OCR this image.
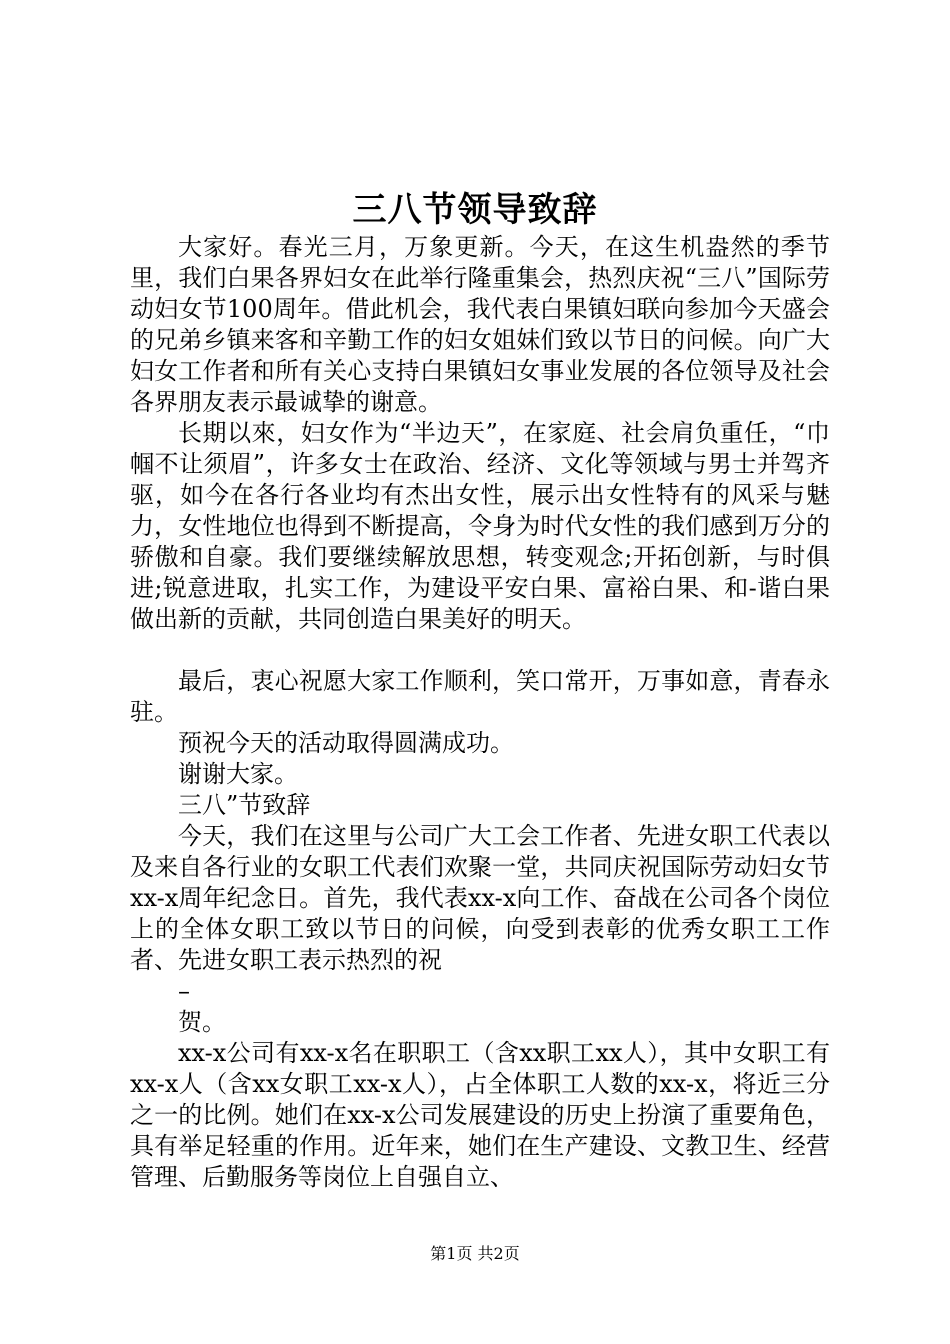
三八节领导致辞

大家好。春光三月，万象更新。今天，在这生机盎然的季节里，我们白果各界妇女在此举行隆重集会，热烈庆祝“三八”国际劳动妇女节100周年。借此机会，我代表白果镇妇联向参加今天盛会的兄弟乡镇来客和辛勤工作的妇女姐妹们致以节日的问候。向广大妇女工作者和所有关心支持白果镇妇女事业发展的各位领导及社会各界朋友表示最诚挚的谢意。

长期以來，妇女作为“半边天”，在家庭、社会肩负重任，“巾帼不让须眉”，许多女士在政治、经济、文化等领域与男士并驾齐驱，如今在各行各业均有杰出女性，展示出女性特有的风采与魅力，女性地位也得到不断提高，令身为时代女性的我们感到万分的骄傲和自豪。我们要继续解放思想，转变观念;开拓创新，与时俱进;锐意进取，扎实工作，为建设平安白果、富裕白果、和-谐白果做出新的贡献，共同创造白果美好的明天。

最后，衷心祝愿大家工作顺利，笑口常开，万事如意，青春永驻。

预祝今天的活动取得圆满成功。

谢谢大家。

三八”节致辞

今天，我们在这里与公司广大工会工作者、先进女职工代表以及来自各行业的女职工代表们欢聚一堂，共同庆祝国际劳动妇女节xx-x周年纪念日。首先，我代表xx-x向工作、奋战在公司各个岗位上的全体女职工致以节日的问候，向受到表彰的优秀女职工工作者、先进女职工表示热烈的祝

–

贺。

xx-x公司有xx-x名在职职工（含xx职工xx人），其中女职工有xx-x人（含xx女职工xx-x人），占全体职工人数的xx-x，将近三分之一的比例。她们在xx-x公司发展建设的历史上扮演了重要角色，具有举足轻重的作用。近年来，她们在生产建设、文教卫生、经营管理、后勤服务等岗位上自强自立、

第1页 共2页
